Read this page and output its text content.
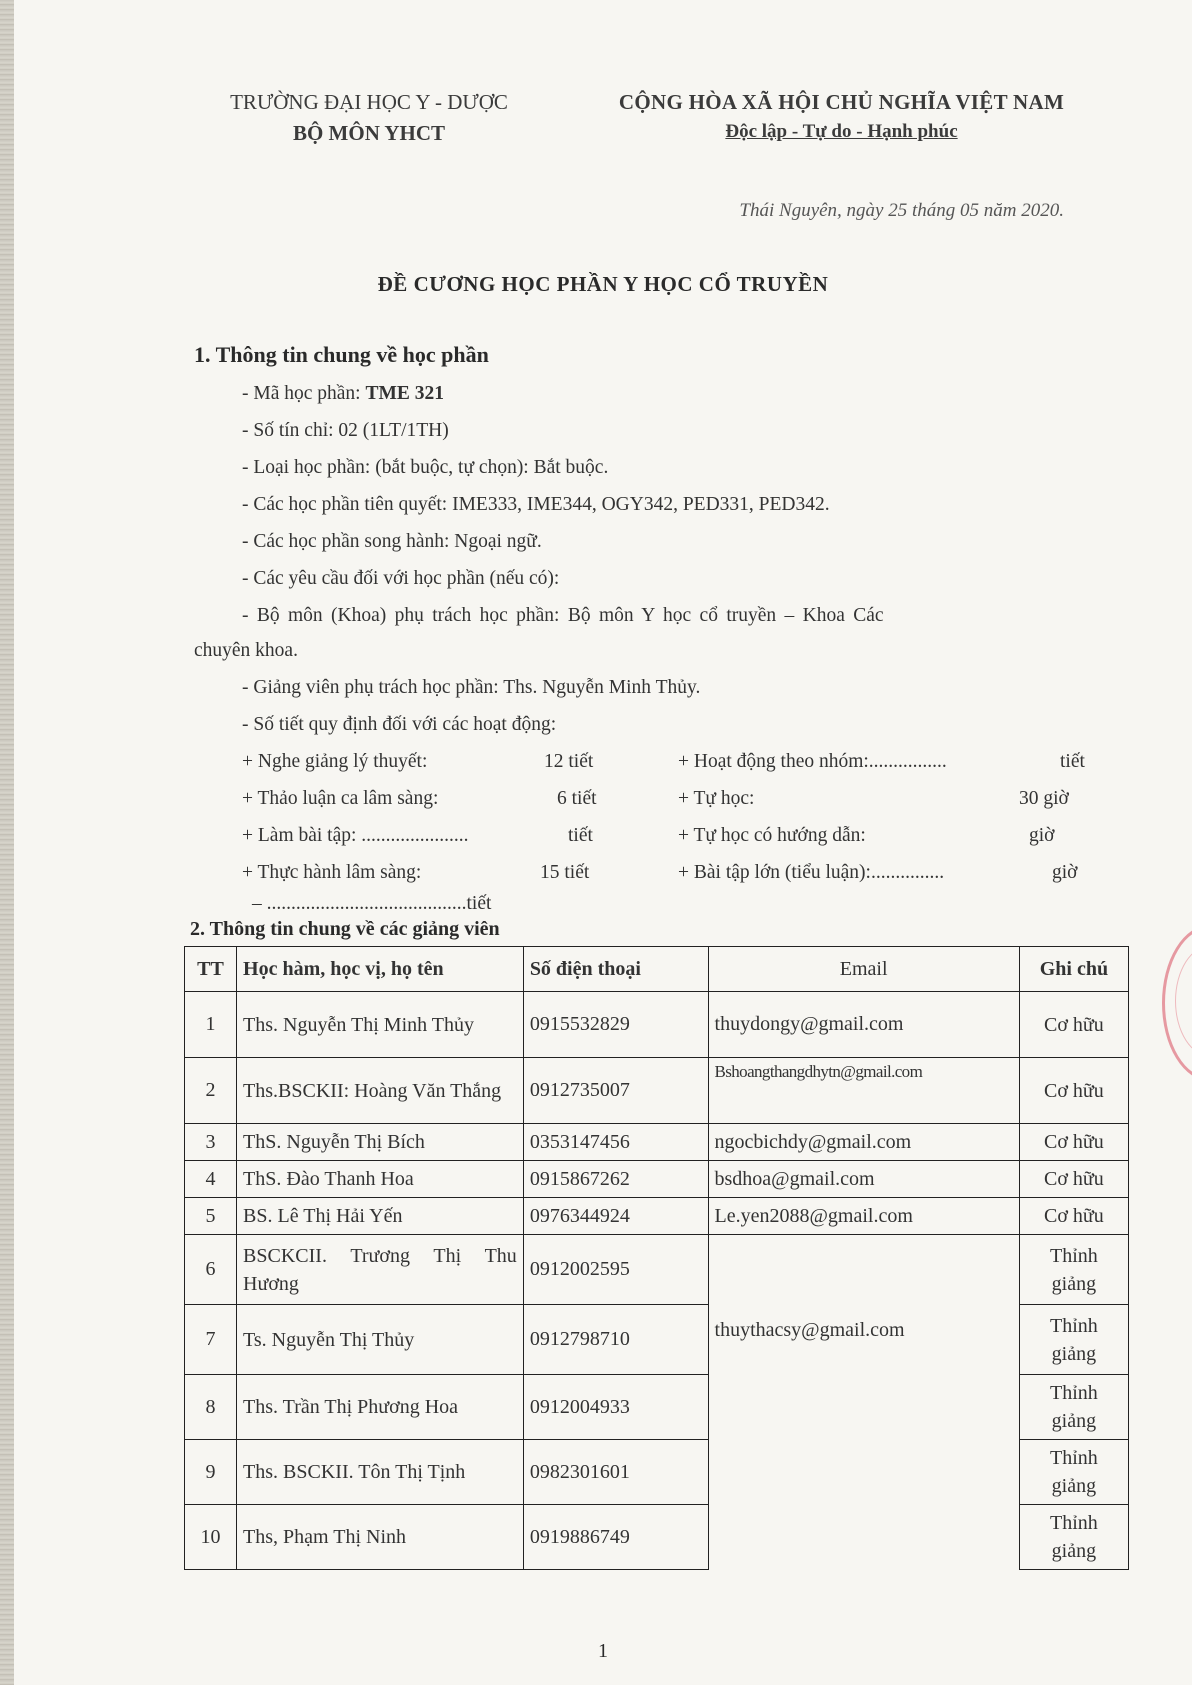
TRƯỜNG ĐẠI HỌC Y - DƯỢC
BỘ MÔN YHCT
CỘNG HÒA XÃ HỘI CHỦ NGHĨA VIỆT NAM
Độc lập - Tự do - Hạnh phúc
Thái Nguyên, ngày 25 tháng 05 năm 2020.
ĐỀ CƯƠNG HỌC PHẦN Y HỌC CỔ TRUYỀN
1. Thông tin chung về học phần
- Mã học phần: TME 321
- Số tín chỉ: 02 (1LT/1TH)
- Loại học phần: (bắt buộc, tự chọn): Bắt buộc.
- Các học phần tiên quyết: IME333, IME344, OGY342, PED331, PED342.
- Các học phần song hành: Ngoại ngữ.
- Các yêu cầu đối với học phần (nếu có):
- Bộ môn (Khoa) phụ trách học phần: Bộ môn Y học cổ truyền – Khoa Các
chuyên khoa.
- Giảng viên phụ trách học phần: Ths. Nguyễn Minh Thủy.
- Số tiết quy định đối với các hoạt động:
+ Nghe giảng lý thuyết:	12 tiết
+ Thảo luận ca lâm sàng:	6 tiết
+ Làm bài tập: ......................	tiết
+ Thực hành lâm sàng:	15 tiết
+ Hoạt động theo nhóm:................	tiết
+ Tự học:	30 giờ
+ Tự học có hướng dẫn:	giờ
+ Bài tập lớn (tiểu luận):...............	giờ
– .........................................tiết
2. Thông tin chung về các giảng viên
TT	Học hàm, học vị, họ tên	Số điện thoại	Email	Ghi chú
1	Ths. Nguyễn Thị Minh Thủy	0915532829	thuydongy@gmail.com	Cơ hữu
2	Ths.BSCKII: Hoàng Văn Thắng	0912735007	Bshoangthangdhytn@gmail.com	Cơ hữu
3	ThS. Nguyễn Thị Bích	0353147456	ngocbichdy@gmail.com	Cơ hữu
4	ThS. Đào Thanh Hoa	0915867262	bsdhoa@gmail.com	Cơ hữu
5	BS. Lê Thị Hải Yến	0976344924	Le.yen2088@gmail.com	Cơ hữu
6	BSCKCII. Trương Thị Thu Hương	0912002595	thuythacsy@gmail.com	Thỉnh giảng
7	Ts. Nguyễn Thị Thủy	0912798710		Thỉnh giảng
8	Ths. Trần Thị Phương Hoa	0912004933		Thỉnh giảng
9	Ths. BSCKII. Tôn Thị Tịnh	0982301601		Thỉnh giảng
10	Ths, Phạm Thị Ninh	0919886749		Thỉnh giảng
1
